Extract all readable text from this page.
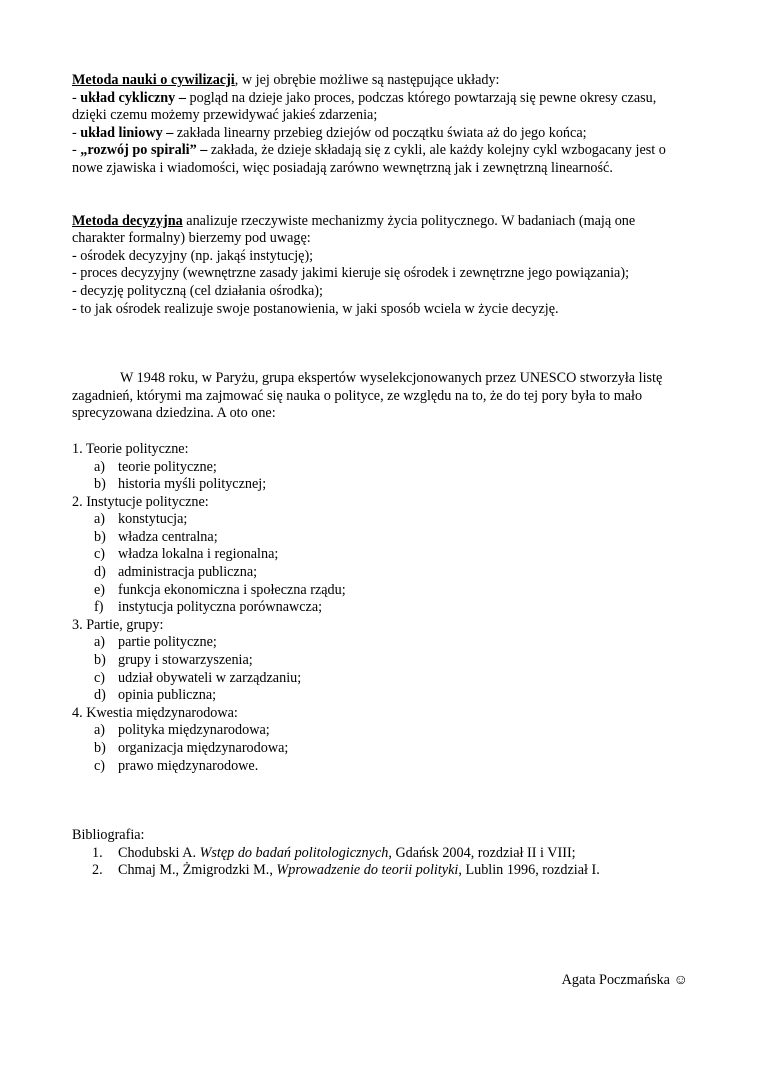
Metoda nauki o cywilizacji, w jej obrębie możliwe są następujące układy:

- układ cykliczny – pogląd na dzieje jako proces, podczas którego powtarzają się pewne okresy czasu, dzięki czemu możemy przewidywać jakieś zdarzenia;

- układ liniowy – zakłada linearny przebieg dziejów od początku świata aż do jego końca;

- „rozwój po spirali” – zakłada, że dzieje składają się z cykli, ale każdy kolejny cykl wzbogacany jest o nowe zjawiska i wiadomości, więc posiadają zarówno wewnętrzną jak i zewnętrzną linearność.

Metoda decyzyjna analizuje rzeczywiste mechanizmy życia politycznego. W badaniach (mają one charakter formalny) bierzemy pod uwagę:

- ośrodek decyzyjny (np. jakąś instytucję);

- proces decyzyjny (wewnętrzne zasady jakimi kieruje się ośrodek i zewnętrzne jego powiązania);

- decyzję polityczną (cel działania ośrodka);

- to jak ośrodek realizuje swoje postanowienia, w jaki sposób wciela w życie decyzję.

W 1948 roku, w Paryżu, grupa ekspertów wyselekcjonowanych przez UNESCO stworzyła listę zagadnień, którymi ma zajmować się nauka o polityce, ze względu na to, że do tej pory była to mało sprecyzowana dziedzina. A oto one:

1. Teorie polityczne:

a) teorie polityczne;

b) historia myśli politycznej;

2. Instytucje polityczne:

a) konstytucja;

b) władza centralna;

c) władza lokalna i regionalna;

d) administracja publiczna;

e) funkcja ekonomiczna i społeczna rządu;

f) instytucja polityczna porównawcza;

3. Partie, grupy:

a) partie polityczne;

b) grupy i stowarzyszenia;

c) udział obywateli w zarządzaniu;

d) opinia publiczna;

4. Kwestia międzynarodowa:

a) polityka międzynarodowa;

b) organizacja międzynarodowa;

c) prawo międzynarodowe.

Bibliografia:

1. Chodubski A. Wstęp do badań politologicznych, Gdańsk 2004, rozdział II i VIII;

2. Chmaj M., Żmigrodzki M., Wprowadzenie do teorii polityki, Lublin 1996, rozdział I.

Agata Poczmańska ☺
